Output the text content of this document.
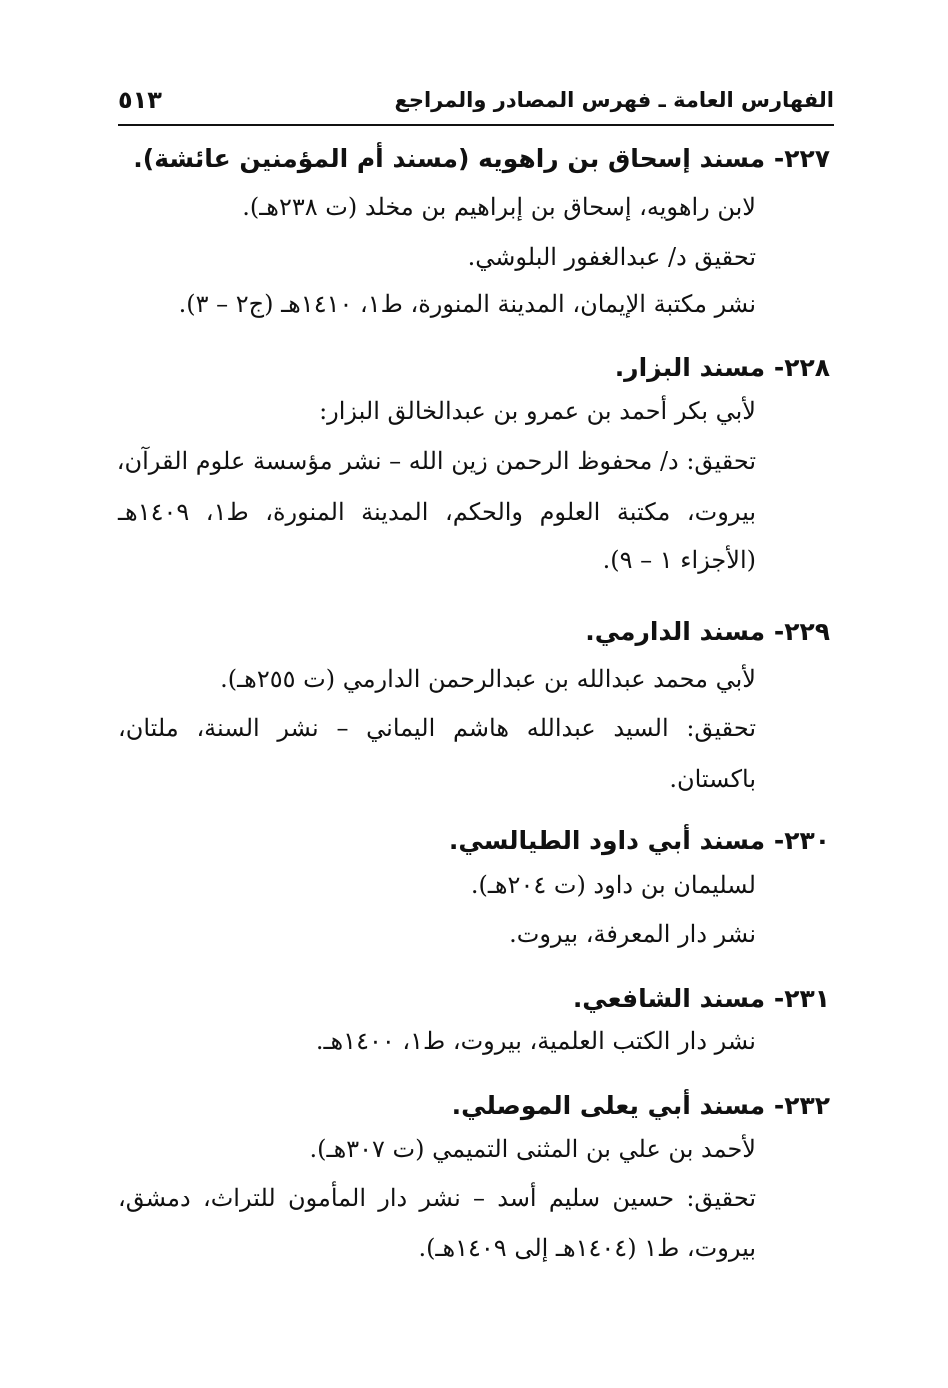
الفهارس العامة ـ فهرس المصادر والمراجع
٥١٣
٢٢٧- مسند إسحاق بن راهويه (مسند أم المؤمنين عائشة).
لابن راهويه، إسحاق بن إبراهيم بن مخلد (ت ٢٣٨هـ).
تحقيق د/ عبدالغفور البلوشي.
نشر مكتبة الإيمان، المدينة المنورة، ط١، ١٤١٠هـ (ج٢ – ٣).
٢٢٨- مسند البزار.
لأبي بكر أحمد بن عمرو بن عبدالخالق البزار:
تحقيق: د/ محفوظ الرحمن زين الله – نشر مؤسسة علوم القرآن،
بيروت، مكتبة العلوم والحكم، المدينة المنورة، ط١، ١٤٠٩هـ
(الأجزاء ١ – ٩).
٢٢٩- مسند الدارمي.
لأبي محمد عبدالله بن عبدالرحمن الدارمي (ت ٢٥٥هـ).
تحقيق: السيد عبدالله هاشم اليماني – نشر السنة، ملتان،
باكستان.
٢٣٠- مسند أبي داود الطيالسي.
لسليمان بن داود (ت ٢٠٤هـ).
نشر دار المعرفة، بيروت.
٢٣١- مسند الشافعي.
نشر دار الكتب العلمية، بيروت، ط١، ١٤٠٠هـ.
٢٣٢- مسند أبي يعلى الموصلي.
لأحمد بن علي بن المثنى التميمي (ت ٣٠٧هـ).
تحقيق: حسين سليم أسد – نشر دار المأمون للتراث، دمشق،
بيروت، ط١ (١٤٠٤هـ إلى ١٤٠٩هـ).
